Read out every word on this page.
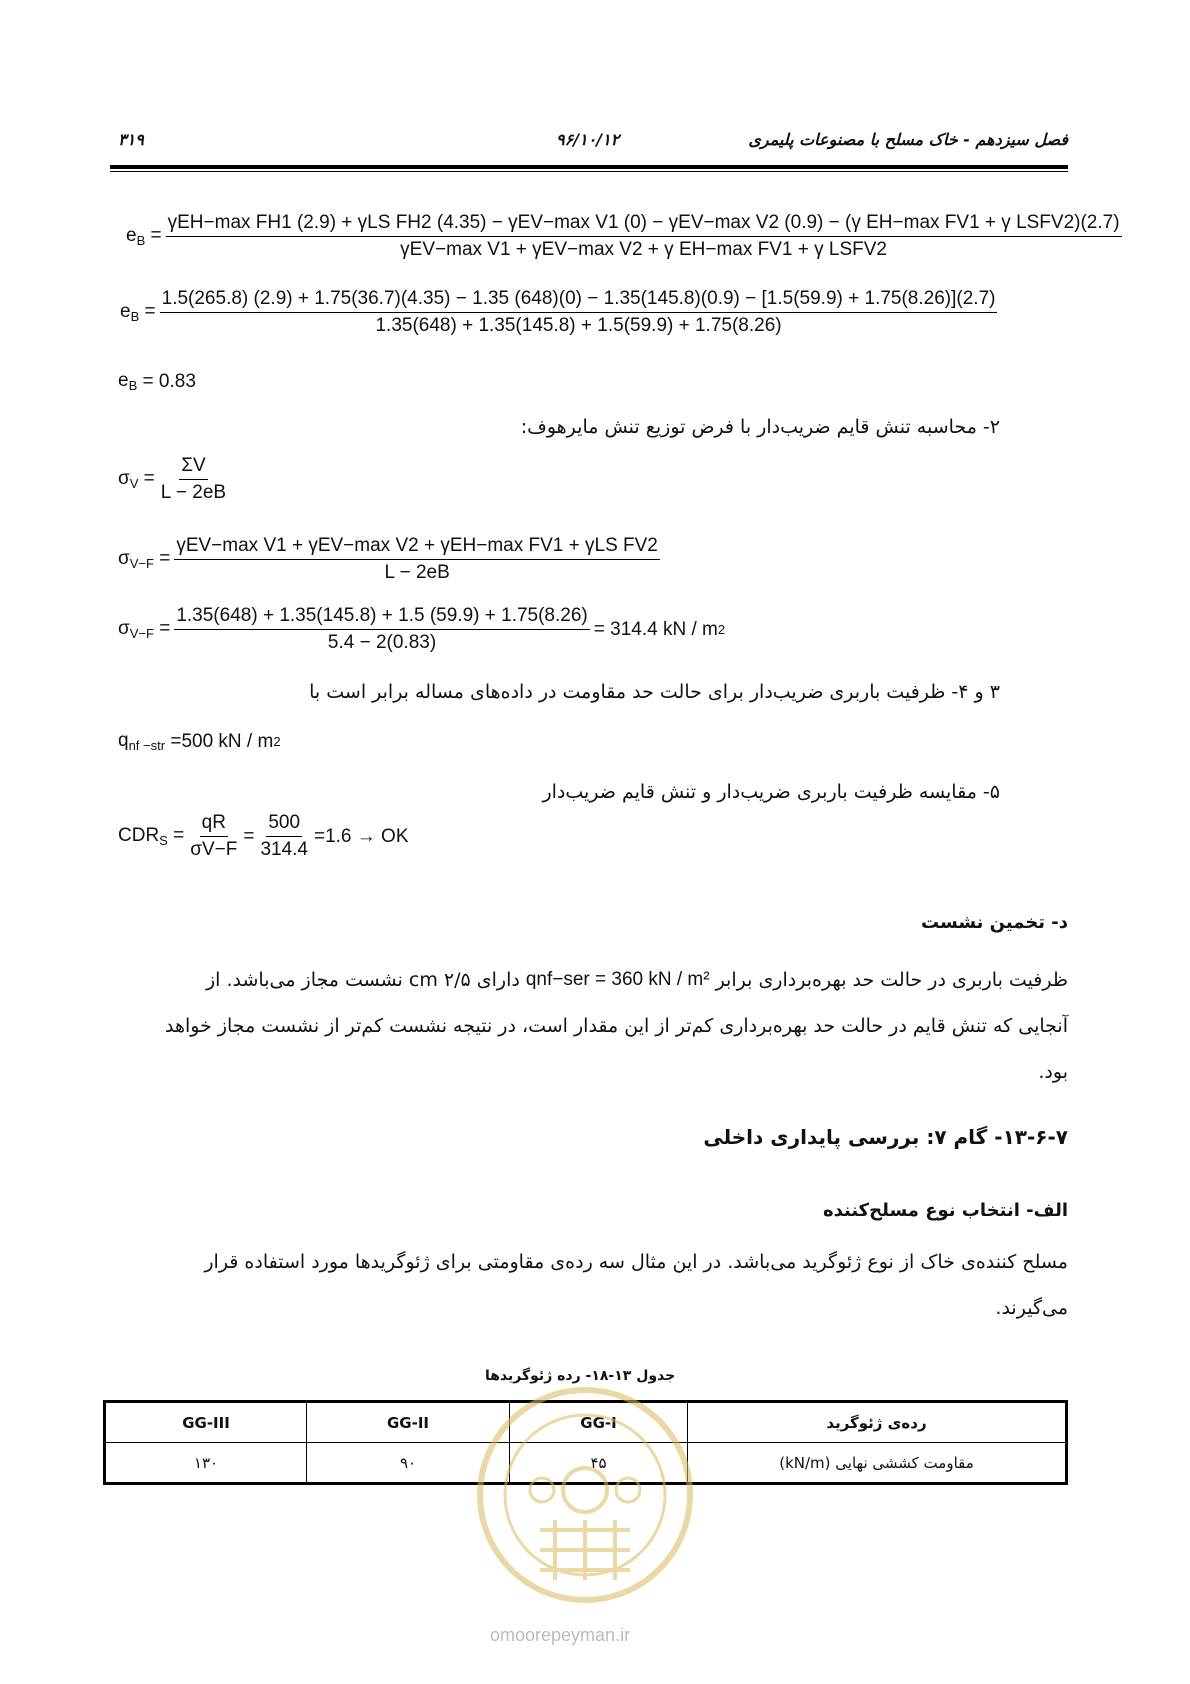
فصل سیزدهم - خاک مسلح با مصنوعات پلیمری
۹۶/۱۰/۱۲
۳۱۹
$e_B$ =
γEH−max FH1 (2.9) + γLS FH2 (4.35) − γEV−max V1 (0) − γEV−max V2 (0.9) − (γ EH−max FV1 + γ LSFV2)(2.7)
γEV−max V1 + γEV−max V2 + γ EH−max FV1 + γ LSFV2
$e_B$ =
1.5(265.8) (2.9) + 1.75(36.7)(4.35) − 1.35 (648)(0) − 1.35(145.8)(0.9) − [1.5(59.9) + 1.75(8.26)](2.7)
1.35(648) + 1.35(145.8) + 1.5(59.9) + 1.75(8.26)
$e_B$
= 0.83
۲- محاسبه تنش قایم ضریب‌دار با فرض توزیع تنش مایرهوف:
$\sigma_V = \frac{\Sigma V}{L - 2eB}$
$\sigma_{V-F} = \frac{\text{γEV−max V1 + γEV−max V2 + γEH−max FV1 + γLS FV2}}{L - 2eB}$
$\sigma_{V-F} = \frac{1.35(648) + 1.35(145.8) + 1.5 (59.9) + 1.75(8.26)}{5.4 - 2(0.83)} = 314.4$ kN / m 2
۳ و ۴- ظرفیت باربری ضریب‌دار برای حالت حد مقاومت در داده‌های مساله برابر است با
$q_{nf -str}$
=500 kN / m 2
۵- مقایسه ظرفیت باربری ضریب‌دار و تنش قایم ضریب‌دار
$CDR_S = \frac{qR}{\sigma V-F} = \frac{500}{314.4} =1.6$ → OK
د- تخمین نشست
ظرفیت باربری در حالت حد بهره‌برداری برابر
qnf−ser = 360 kN / m²
دارای ۲/۵ cm نشست مجاز می‌باشد. از
آنجایی که تنش قایم در حالت حد بهره‌برداری کم‌تر از این مقدار است، در نتیجه نشست کم‌تر از نشست مجاز خواهد
بود.
۱۳-۶-۷- گام ۷: بررسی پایداری داخلی
الف- انتخاب نوع مسلح‌کننده
مسلح کننده‌ی خاک از نوع ژئوگرید می‌باشد. در این مثال سه رده‌ی مقاومتی برای ژئوگریدها مورد استفاده قرار
می‌گیرند.
جدول ۱۳-۱۸- رده ژئوگریدها
رده‌ی ژئوگرید	GG-I	GG-II	GG-III
مقاومت کششی نهایی (kN/m)	۴۵	۹۰	۱۳۰
omoorepeyman.ir
